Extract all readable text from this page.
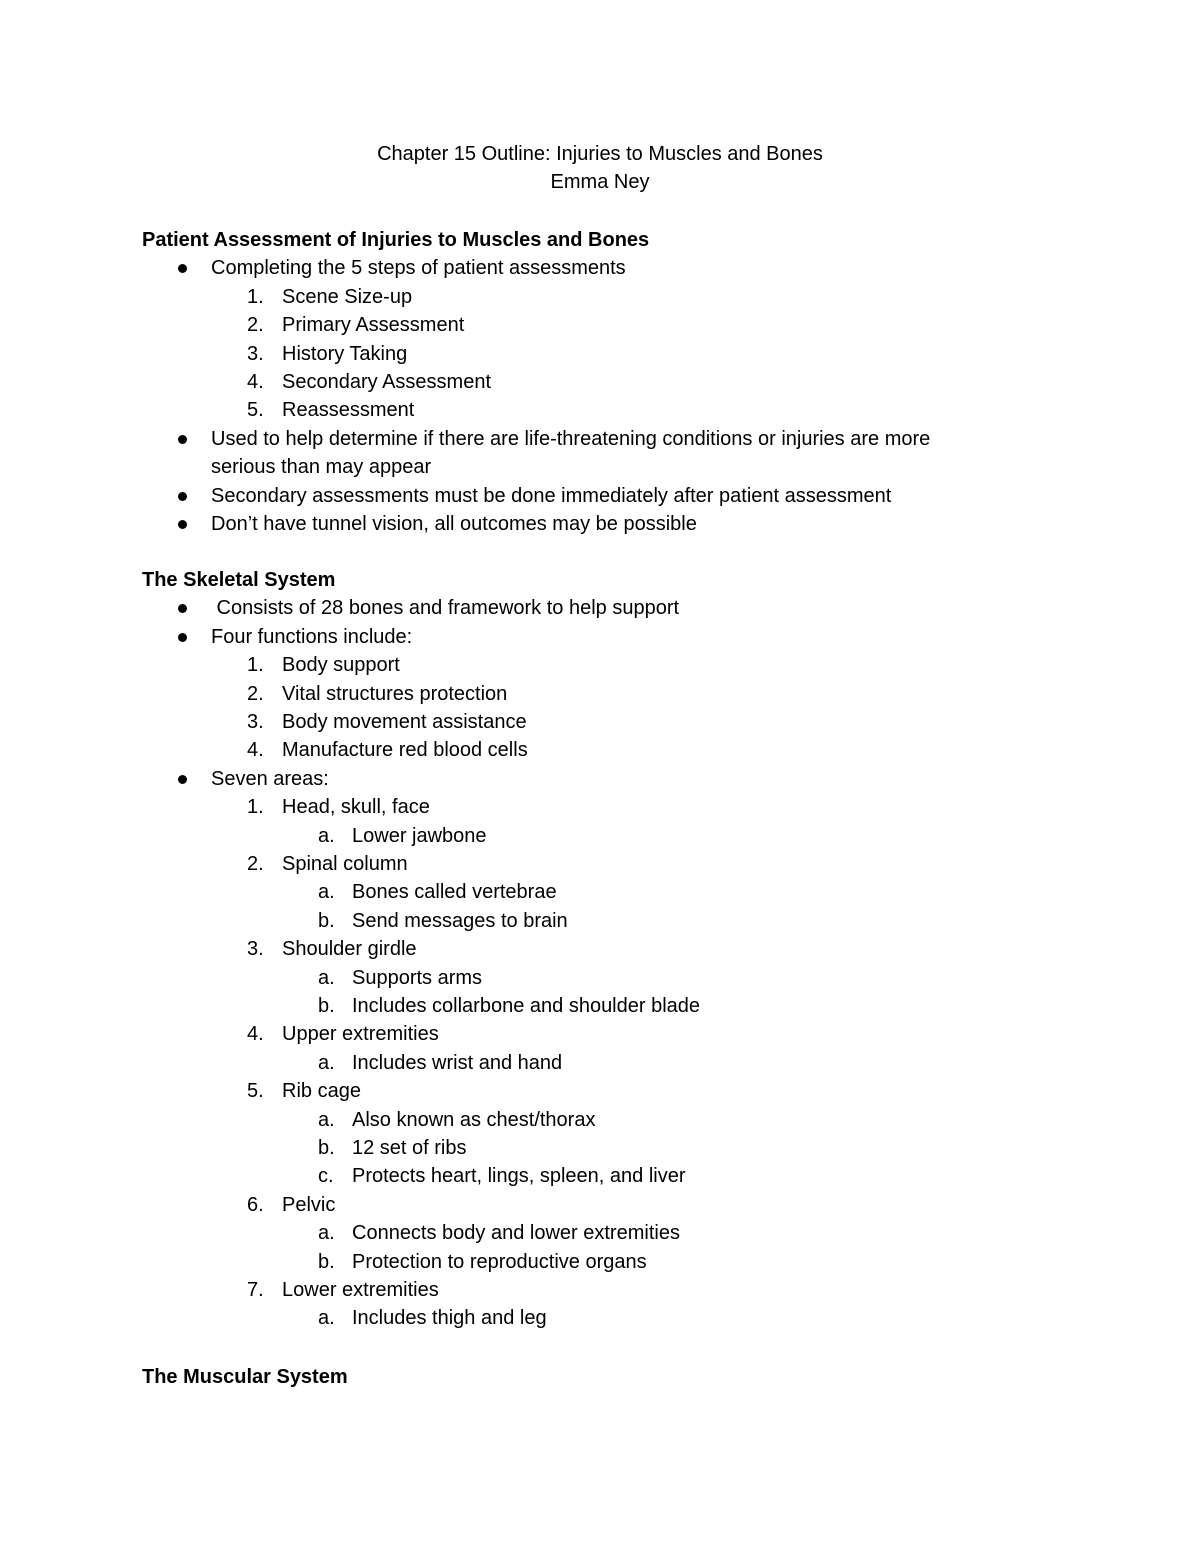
Chapter 15 Outline: Injuries to Muscles and Bones
Emma Ney
Patient Assessment of Injuries to Muscles and Bones
Completing the 5 steps of patient assessments
1. Scene Size-up
2. Primary Assessment
3. History Taking
4. Secondary Assessment
5. Reassessment
Used to help determine if there are life-threatening conditions or injuries are more
serious than may appear
Secondary assessments must be done immediately after patient assessment
Don’t have tunnel vision, all outcomes may be possible
The Skeletal System
Consists of 28 bones and framework to help support
Four functions include:
1. Body support
2. Vital structures protection
3. Body movement assistance
4. Manufacture red blood cells
Seven areas:
1. Head, skull, face
a. Lower jawbone
2. Spinal column
a. Bones called vertebrae
b. Send messages to brain
3. Shoulder girdle
a. Supports arms
b. Includes collarbone and shoulder blade
4. Upper extremities
a. Includes wrist and hand
5. Rib cage
a. Also known as chest/thorax
b. 12 set of ribs
c. Protects heart, lings, spleen, and liver
6. Pelvic
a. Connects body and lower extremities
b. Protection to reproductive organs
7. Lower extremities
a. Includes thigh and leg
The Muscular System
